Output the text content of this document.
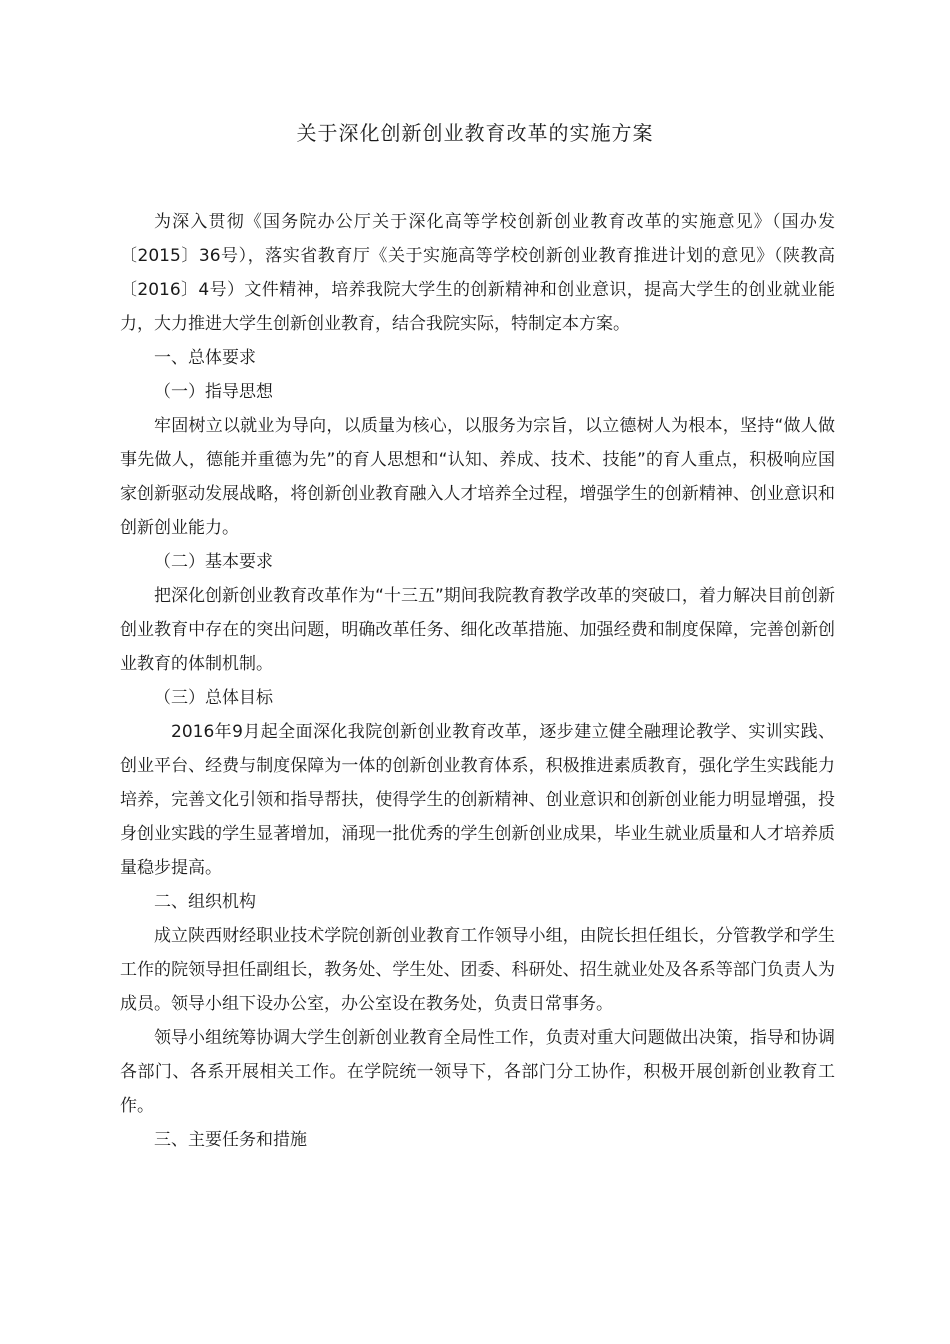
关于深化创新创业教育改革的实施方案

为深入贯彻《国务院办公厅关于深化高等学校创新创业教育改革的实施意见》（国办发〔2015〕36号），落实省教育厅《关于实施高等学校创新创业教育推进计划的意见》（陕教高〔2016〕4号）文件精神，培养我院大学生的创新精神和创业意识，提高大学生的创业就业能力，大力推进大学生创新创业教育，结合我院实际，特制定本方案。

一、总体要求

（一）指导思想

牢固树立以就业为导向，以质量为核心，以服务为宗旨，以立德树人为根本，坚持“做人做事先做人，德能并重德为先”的育人思想和“认知、养成、技术、技能”的育人重点，积极响应国家创新驱动发展战略，将创新创业教育融入人才培养全过程，增强学生的创新精神、创业意识和创新创业能力。

（二）基本要求

把深化创新创业教育改革作为“十三五”期间我院教育教学改革的突破口，着力解决目前创新创业教育中存在的突出问题，明确改革任务、细化改革措施、加强经费和制度保障，完善创新创业教育的体制机制。

（三）总体目标

2016年9月起全面深化我院创新创业教育改革，逐步建立健全融理论教学、实训实践、创业平台、经费与制度保障为一体的创新创业教育体系，积极推进素质教育，强化学生实践能力培养，完善文化引领和指导帮扶，使得学生的创新精神、创业意识和创新创业能力明显增强，投身创业实践的学生显著增加，涌现一批优秀的学生创新创业成果，毕业生就业质量和人才培养质量稳步提高。

二、组织机构

成立陕西财经职业技术学院创新创业教育工作领导小组，由院长担任组长，分管教学和学生工作的院领导担任副组长，教务处、学生处、团委、科研处、招生就业处及各系等部门负责人为成员。领导小组下设办公室，办公室设在教务处，负责日常事务。

领导小组统筹协调大学生创新创业教育全局性工作，负责对重大问题做出决策，指导和协调各部门、各系开展相关工作。在学院统一领导下，各部门分工协作，积极开展创新创业教育工作。

三、主要任务和措施
